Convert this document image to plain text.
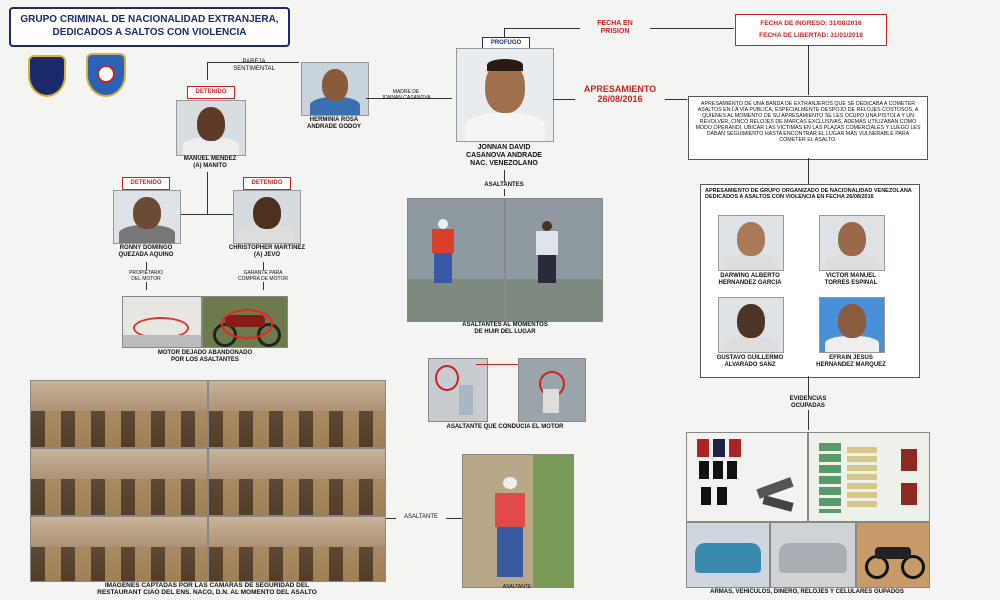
GRUPO CRIMINAL DE NACIONALIDAD EXTRANJERA,
DEDICADOS A SALTOS CON VIOLENCIA
PAREJA
SENTIMENTAL
HERMINIA ROSA
ANDRADE GODOY
MADRE DE
JONNAN CASANOVA
DETENIDO
MANUEL MENDEZ
(A) MANITO
DETENIDO
RONNY DOMINGO
QUEZADA AQUINO
DETENIDO
CHRISTOPHER MARTINEZ
(A) JEVO
PROPIETARIO
DEL MOTOR
GARANTE PARA
COMPRA DE MOTOR
MOTOR DEJADO ABANDONADO
POR LOS ASALTANTES
PROFUGO
JONNAN DAVID
CASANOVA ANDRADE
NAC. VENEZOLANO
FECHA EN
PRISION
FECHA DE INGRESO: 31/08/2016
FECHA DE LIBERTAD: 31/01/2018
APRESAMIENTO
26/08/2016	APRESAMIENTO DE UNA BANDA DE EXTRANJEROS QUE SE DEDICABA A COMETER ASALTOS EN LA VÍA PUBLICA, ESPECIALMENTE DESPOJO DE RELOJES COSTOSOS, A QUIENES AL MOMENTO DE SU APRESAMIENTO SE LES OCUPO UNA PISTOLA Y UN REVOLVER, CINCO RELOJES DE MARCAS EXCLUSIVAS, ADEMÁS UTILIZABAN COMO MODO OPERANDI, UBICAR LAS VICTIMAS EN LAS PLAZAS COMERCIALES Y LUEGO LES DABAN SEGUIMIENTO HASTA ENCONTRAR EL LUGAR MÁS VULNERABLE PARA COMETER EL ASALTO.
APRESAMIENTO DE GRUPO ORGANIZADO DE NACIONALIDAD VENEZOLANA DEDICADOS A ASALTOS CON VIOLENCIA EN FECHA 26/08/2016
DARWING ALBERTO
HERNANDEZ GARCIA
VICTOR MANUEL
TORRES ESPINAL
GUSTAVO GUILLERMO
ALVARADO SANZ
EFRAIN JESUS
HERNANDEZ MARQUEZ
EVIDENCIAS
OCUPADAS
ARMAS, VEHICULOS, DINERO, RELOJES Y CELULARES OUPADOS
ASALTANTES
ASALTANTES AL MOMENTOS
DE HUIR DEL LUGAR
ASALTANTE QUE CONDUCIA EL MOTOR
ASALTANTE
ASALTANTE
IMAGENES CAPTADAS POR LAS CAMARAS DE SEGURIDAD DEL
RESTAURANT CIAO DEL ENS. NACO, D.N. AL MOMENTO DEL ASALTO
